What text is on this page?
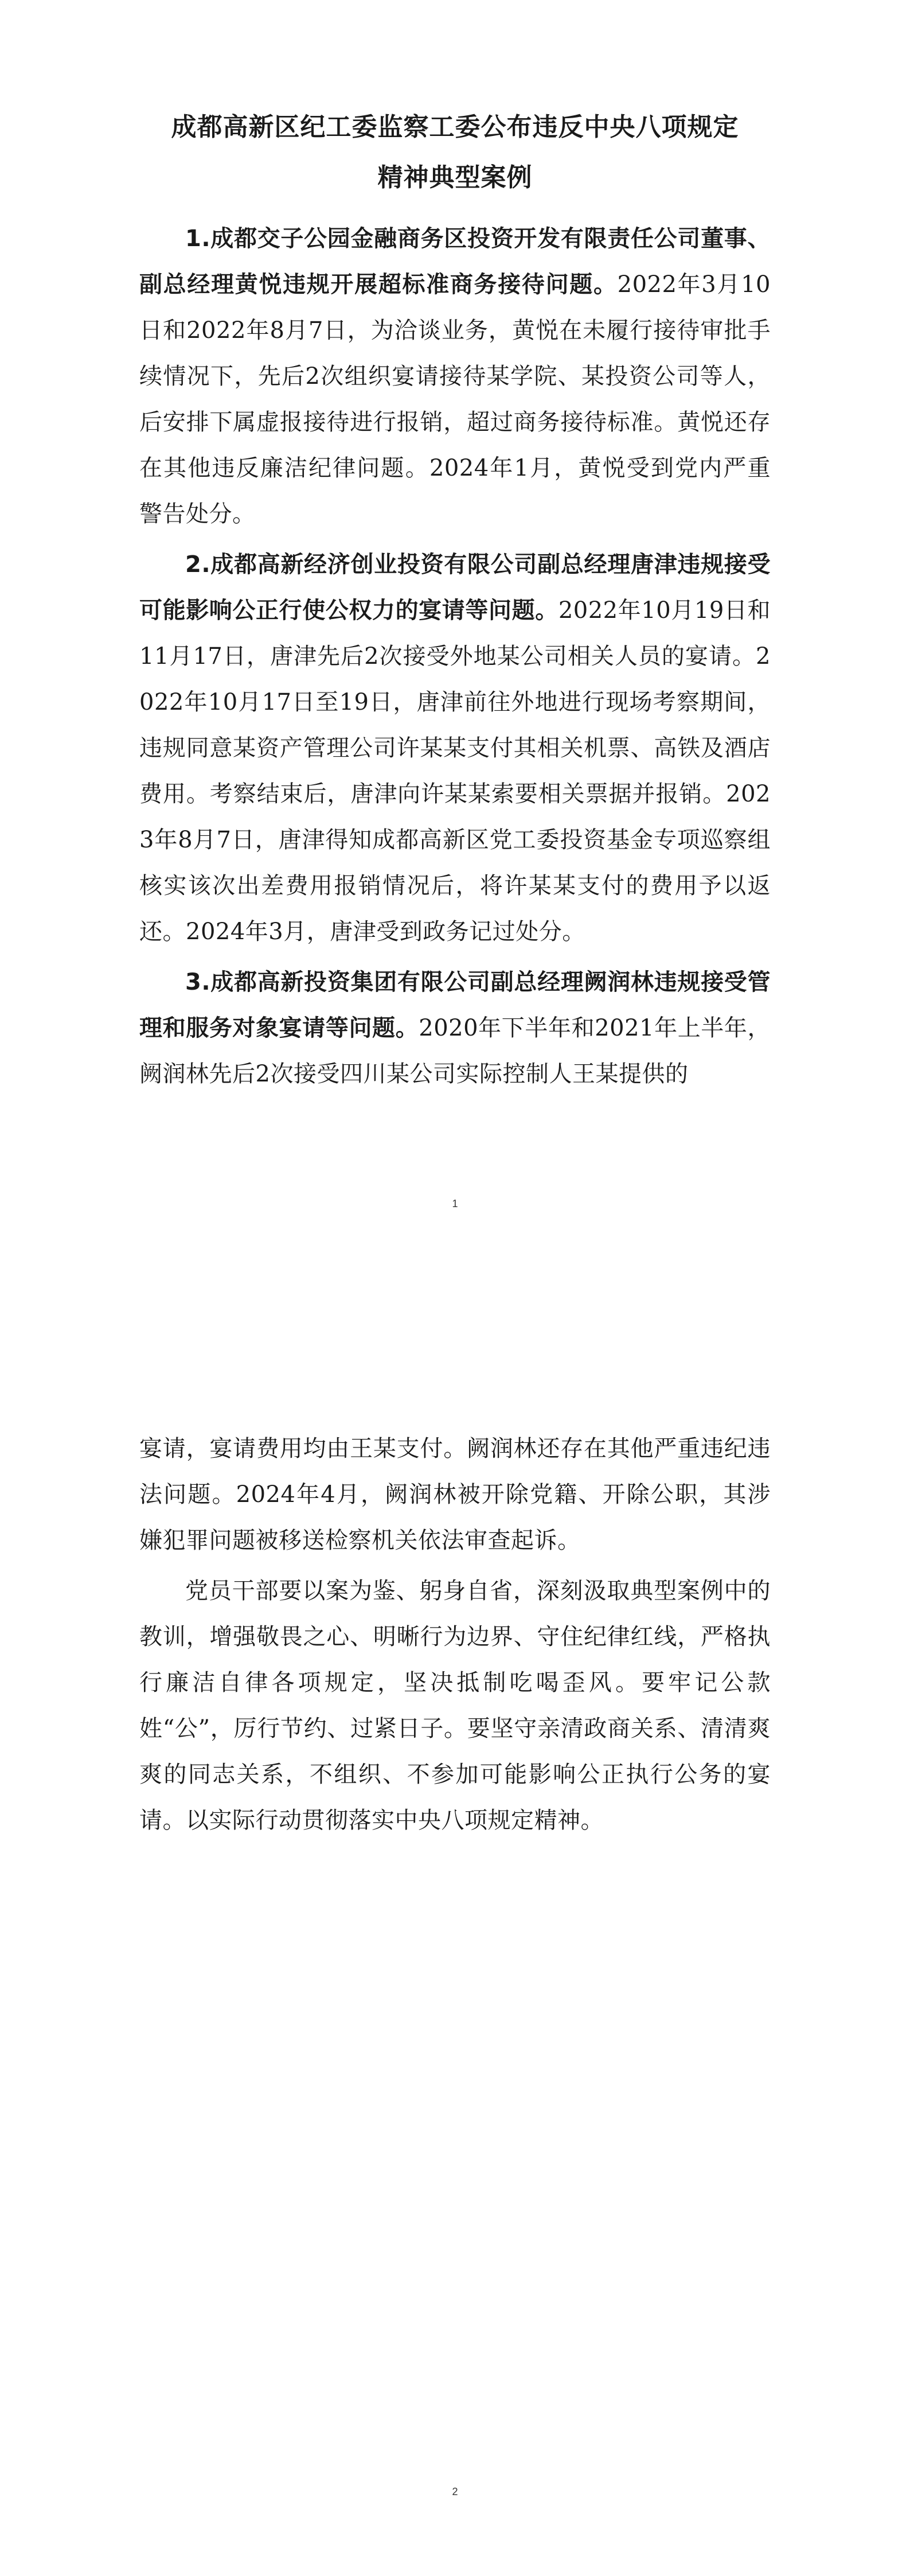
成都高新区纪工委监察工委公布违反中央八项规定
精神典型案例

1.成都交子公园金融商务区投资开发有限责任公司董事、副总经理黄悦违规开展超标准商务接待问题。2022年3月10日和2022年8月7日，为洽谈业务，黄悦在未履行接待审批手续情况下，先后2次组织宴请接待某学院、某投资公司等人，后安排下属虚报接待进行报销，超过商务接待标准。黄悦还存在其他违反廉洁纪律问题。2024年1月，黄悦受到党内严重警告处分。

2.成都高新经济创业投资有限公司副总经理唐津违规接受可能影响公正行使公权力的宴请等问题。2022年10月19日和11月17日，唐津先后2次接受外地某公司相关人员的宴请。2022年10月17日至19日，唐津前往外地进行现场考察期间，违规同意某资产管理公司许某某支付其相关机票、高铁及酒店费用。考察结束后，唐津向许某某索要相关票据并报销。2023年8月7日，唐津得知成都高新区党工委投资基金专项巡察组核实该次出差费用报销情况后，将许某某支付的费用予以返还。2024年3月，唐津受到政务记过处分。

3.成都高新投资集团有限公司副总经理阙润林违规接受管理和服务对象宴请等问题。2020年下半年和2021年上半年，阙润林先后2次接受四川某公司实际控制人王某提供的

1

宴请，宴请费用均由王某支付。阙润林还存在其他严重违纪违法问题。2024年4月，阙润林被开除党籍、开除公职，其涉嫌犯罪问题被移送检察机关依法审查起诉。

党员干部要以案为鉴、躬身自省，深刻汲取典型案例中的教训，增强敬畏之心、明晰行为边界、守住纪律红线，严格执行廉洁自律各项规定，坚决抵制吃喝歪风。要牢记公款姓“公”，厉行节约、过紧日子。要坚守亲清政商关系、清清爽爽的同志关系，不组织、不参加可能影响公正执行公务的宴请。以实际行动贯彻落实中央八项规定精神。

2
